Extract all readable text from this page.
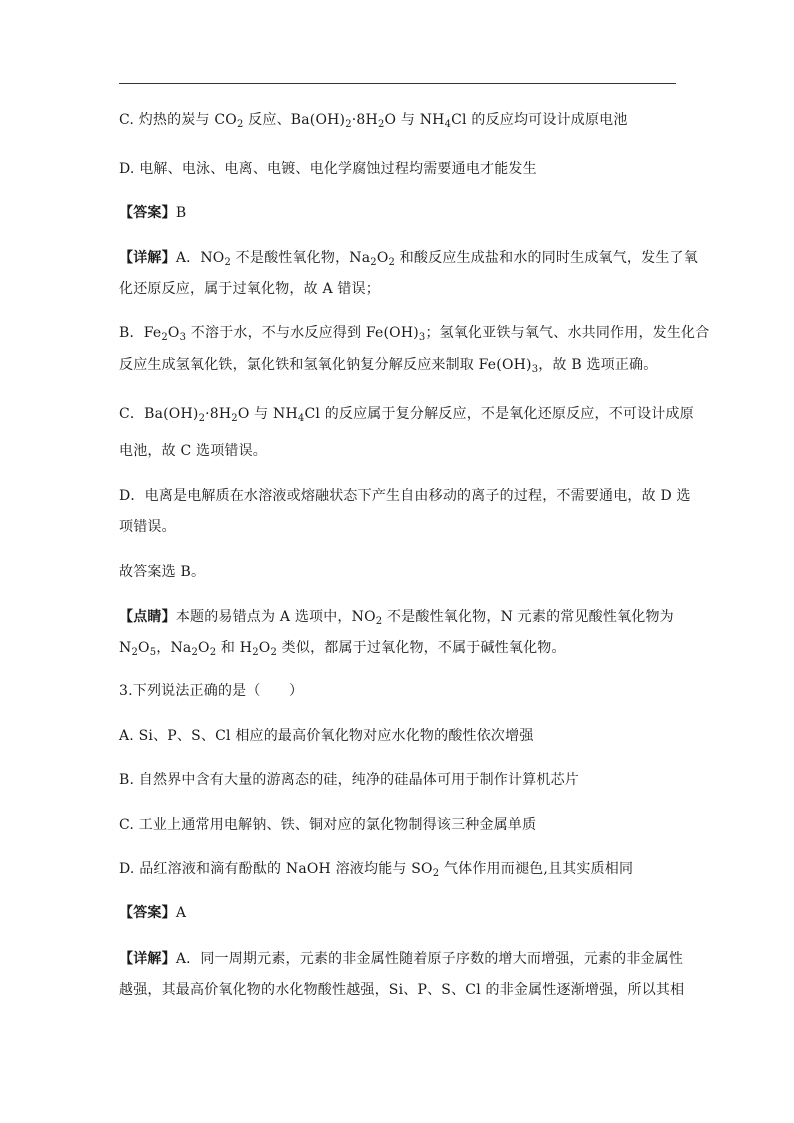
C. 灼热的炭与 $CO_2$ 反应、$Ba(OH)_2\cdot 8H_2O$ 与 $NH_4Cl$ 的反应均可设计成原电池
D. 电解、电泳、电离、电镀、电化学腐蚀过程均需要通电才能发生
【答案】B
【详解】A．$NO_2$ 不是酸性氧化物，$Na_2O_2$ 和酸反应生成盐和水的同时生成氧气，发生了氧
化还原反应，属于过氧化物，故 A 错误；
B．$Fe_2O_3$ 不溶于水，不与水反应得到 $Fe(OH)_3$；氢氧化亚铁与氧气、水共同作用，发生化合
反应生成氢氧化铁，氯化铁和氢氧化钠复分解反应来制取 $Fe(OH)_3$，故 B 选项正确。
C．$Ba(OH)_2\cdot 8H_2O$ 与 $NH_4Cl$ 的反应属于复分解反应，不是氧化还原反应，不可设计成原
电池，故 C 选项错误。
D．电离是电解质在水溶液或熔融状态下产生自由移动的离子的过程，不需要通电，故 D 选
项错误。
故答案选 B。
【点睛】本题的易错点为 A 选项中，$NO_2$ 不是酸性氧化物，N 元素的常见酸性氧化物为
$N_2O_5$，$Na_2O_2$ 和 $H_2O_2$ 类似，都属于过氧化物，不属于碱性氧化物。
3.下列说法正确的是（　　）
A. Si、P、S、Cl 相应的最高价氧化物对应水化物的酸性依次增强
B. 自然界中含有大量的游离态的硅，纯净的硅晶体可用于制作计算机芯片
C. 工业上通常用电解钠、铁、铜对应的氯化物制得该三种金属单质
D. 品红溶液和滴有酚酞的 NaOH 溶液均能与 $SO_2$ 气体作用而褪色,且其实质相同
【答案】A
【详解】A．同一周期元素，元素的非金属性随着原子序数的增大而增强，元素的非金属性
越强，其最高价氧化物的水化物酸性越强，Si、P、S、Cl 的非金属性逐渐增强，所以其相
